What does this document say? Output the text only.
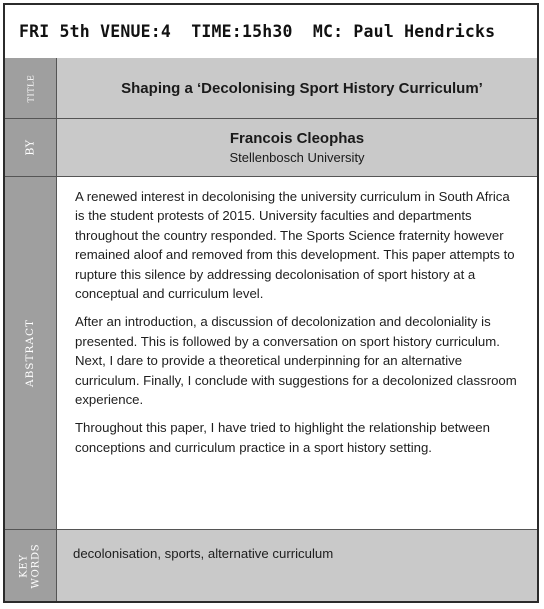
FRI 5th VENUE:4  TIME:15h30  MC: Paul Hendricks
TITLE	Shaping a ‘Decolonising Sport History Curriculum’
BY
Francois Cleophas
Stellenbosch University
ABSTRACT

A renewed interest in decolonising the university curriculum in South Africa is the student protests of 2015. University faculties and departments throughout the country responded. The Sports Science fraternity however remained aloof and removed from this development. This paper attempts to rupture this silence by addressing decolonisation of sport history at a conceptual and curriculum level.

After an introduction, a discussion of decolonization and decoloniality is presented. This is followed by a conversation on sport history curriculum. Next, I dare to provide a theoretical underpinning for an alternative curriculum. Finally, I conclude with suggestions for a decolonized classroom experience.

Throughout this paper, I have tried to highlight the relationship between conceptions and curriculum practice in a sport history setting.

KEY WORDS	decolonisation, sports, alternative curriculum
